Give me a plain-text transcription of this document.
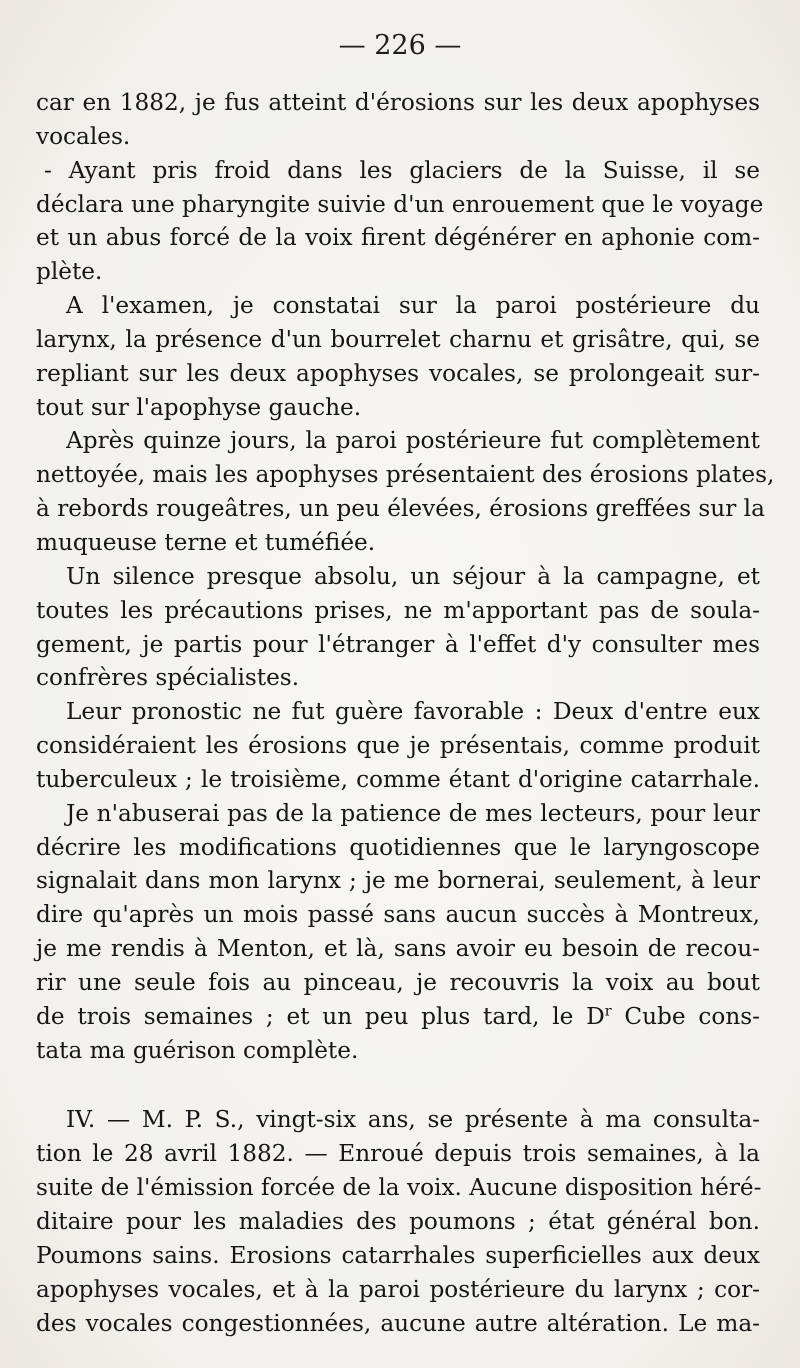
— 226 —
car en 1882, je fus atteint d'érosions sur les deux apophyses
vocales.
- Ayant pris froid dans les glaciers de la Suisse, il se
déclara une pharyngite suivie d'un enrouement que le voyage
et un abus forcé de la voix firent dégénérer en aphonie com-
plète.
A l'examen, je constatai sur la paroi postérieure du
larynx, la présence d'un bourrelet charnu et grisâtre, qui, se
repliant sur les deux apophyses vocales, se prolongeait sur-
tout sur l'apophyse gauche.
Après quinze jours, la paroi postérieure fut complètement
nettoyée, mais les apophyses présentaient des érosions plates,
à rebords rougeâtres, un peu élevées, érosions greffées sur la
muqueuse terne et tuméfiée.
Un silence presque absolu, un séjour à la campagne, et
toutes les précautions prises, ne m'apportant pas de soula-
gement, je partis pour l'étranger à l'effet d'y consulter mes
confrères spécialistes.
Leur pronostic ne fut guère favorable : Deux d'entre eux
considéraient les érosions que je présentais, comme produit
tuberculeux ; le troisième, comme étant d'origine catarrhale.
Je n'abuserai pas de la patience de mes lecteurs, pour leur
décrire les modifications quotidiennes que le laryngoscope
signalait dans mon larynx ; je me bornerai, seulement, à leur
dire qu'après un mois passé sans aucun succès à Montreux,
je me rendis à Menton, et là, sans avoir eu besoin de recou-
rir une seule fois au pinceau, je recouvris la voix au bout
de trois semaines ; et un peu plus tard, le $D^r$ Cube cons-
tata ma guérison complète.
IV. — M. P. S., vingt-six ans, se présente à ma consulta-
tion le 28 avril 1882. — Enroué depuis trois semaines, à la
suite de l'émission forcée de la voix. Aucune disposition héré-
ditaire pour les maladies des poumons ; état général bon.
Poumons sains. Erosions catarrhales superficielles aux deux
apophyses vocales, et à la paroi postérieure du larynx ; cor-
des vocales congestionnées, aucune autre altération. Le ma-
